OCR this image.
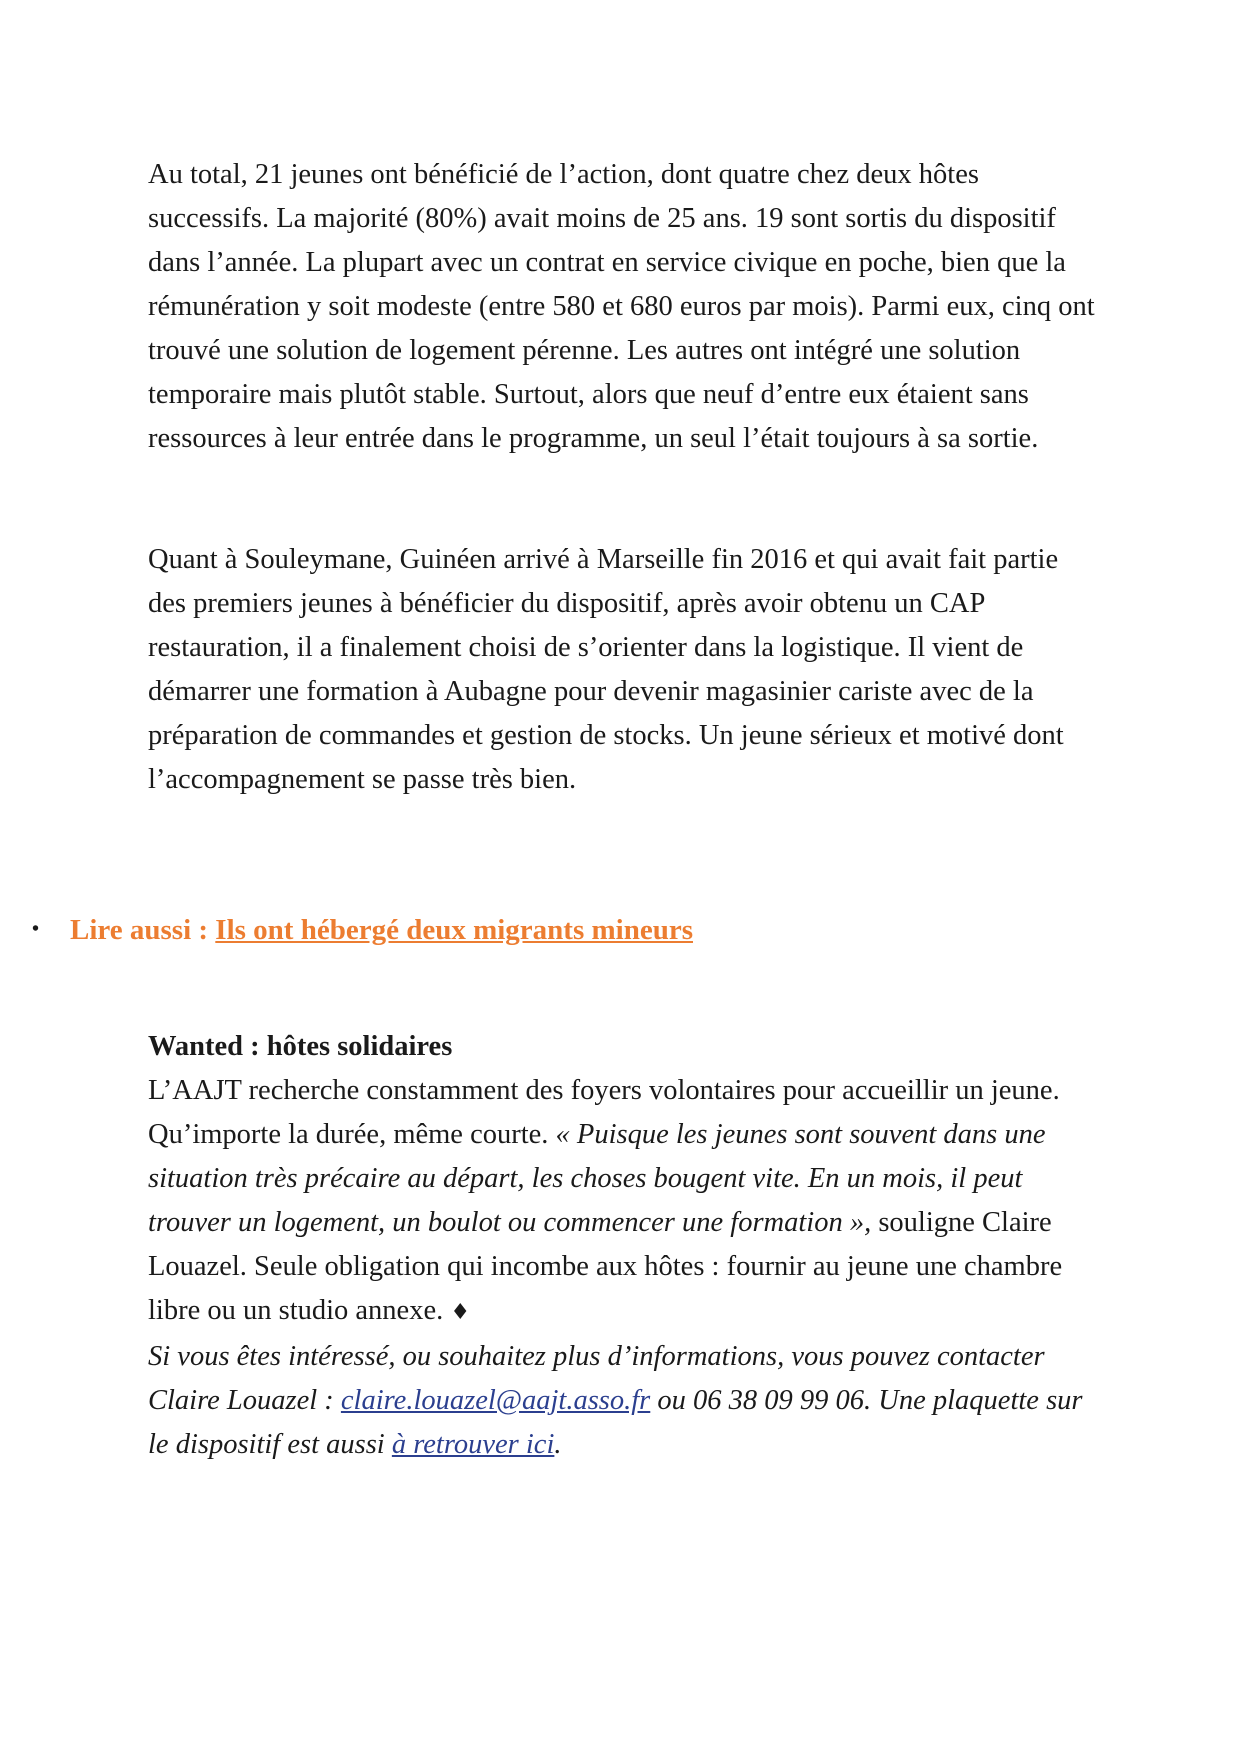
Au total, 21 jeunes ont bénéficié de l’action, dont quatre chez deux hôtes successifs. La majorité (80%) avait moins de 25 ans. 19 sont sortis du dispositif dans l’année. La plupart avec un contrat en service civique en poche, bien que la rémunération y soit modeste (entre 580 et 680 euros par mois). Parmi eux, cinq ont trouvé une solution de logement pérenne. Les autres ont intégré une solution temporaire mais plutôt stable. Surtout, alors que neuf d’entre eux étaient sans ressources à leur entrée dans le programme, un seul l’était toujours à sa sortie.

Quant à Souleymane, Guinéen arrivé à Marseille fin 2016 et qui avait fait partie des premiers jeunes à bénéficier du dispositif, après avoir obtenu un CAP restauration, il a finalement choisi de s’orienter dans la logistique. Il vient de démarrer une formation à Aubagne pour devenir magasinier cariste avec de la préparation de commandes et gestion de stocks. Un jeune sérieux et motivé dont l’accompagnement se passe très bien.

• Lire aussi : Ils ont hébergé deux migrants mineurs
Wanted : hôtes solidaires
L’AAJT recherche constamment des foyers volontaires pour accueillir un jeune. Qu’importe la durée, même courte. « Puisque les jeunes sont souvent dans une situation très précaire au départ, les choses bougent vite. En un mois, il peut trouver un logement, un boulot ou commencer une formation », souligne Claire Louazel. Seule obligation qui incombe aux hôtes : fournir au jeune une chambre libre ou un studio annexe. ♦
Si vous êtes intéressé, ou souhaitez plus d’informations, vous pouvez contacter Claire Louazel : claire.louazel@aajt.asso.fr ou 06 38 09 99 06. Une plaquette sur le dispositif est aussi à retrouver ici.
